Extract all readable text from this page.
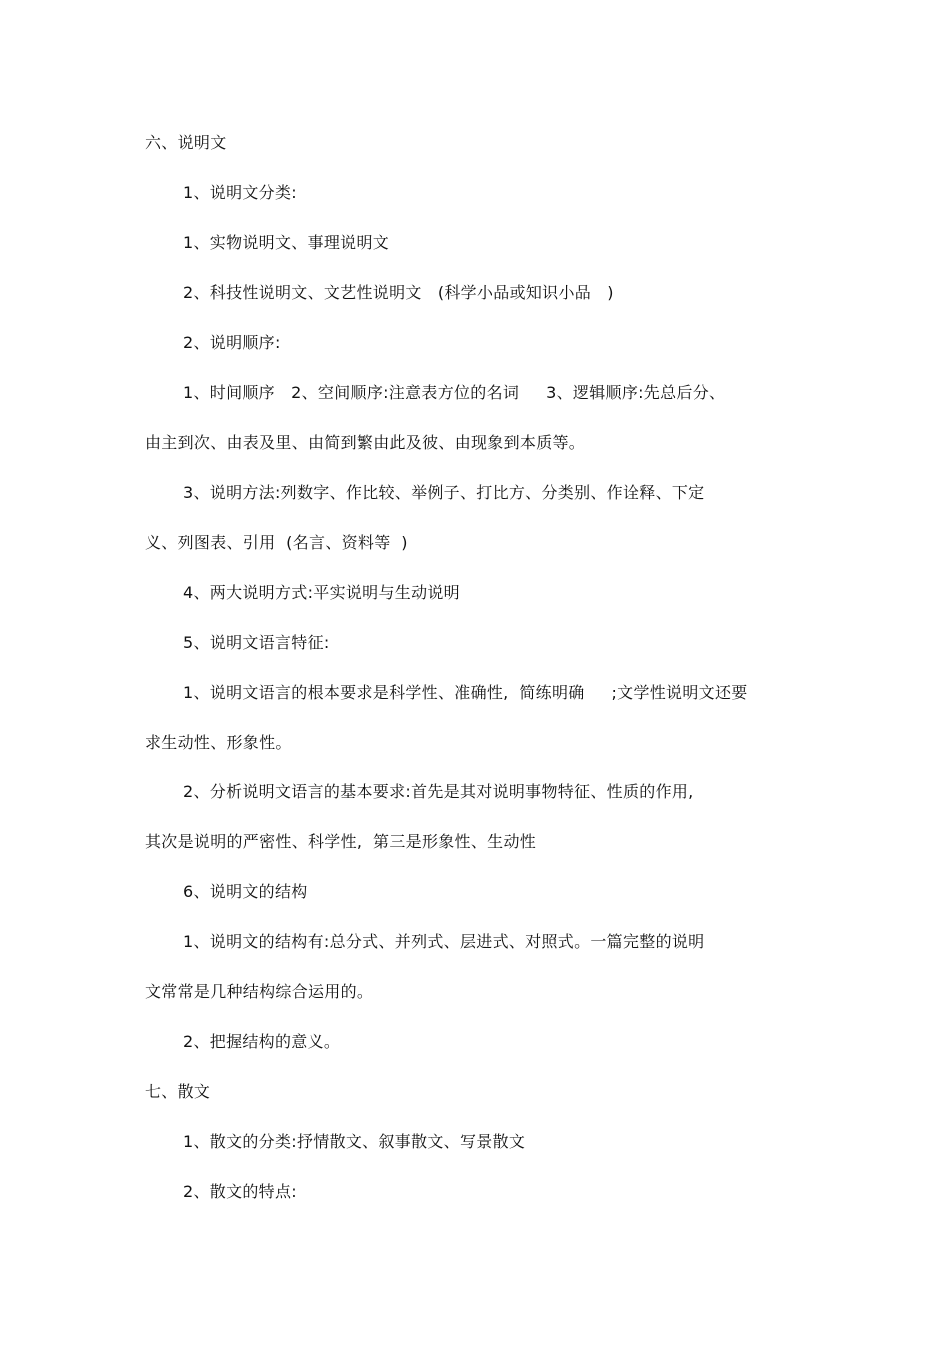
六、说明文
1、说明文分类:
1、实物说明文、事理说明文
2、科技性说明文、文艺性说明文   (科学小品或知识小品   )
2、说明顺序:
1、时间顺序   2、空间顺序:注意表方位的名词     3、逻辑顺序:先总后分、
由主到次、由表及里、由简到繁由此及彼、由现象到本质等。
3、说明方法:列数字、作比较、举例子、打比方、分类别、作诠释、下定
义、列图表、引用  (名言、资料等  )
4、两大说明方式:平实说明与生动说明
5、说明文语言特征:
1、说明文语言的根本要求是科学性、准确性,  简练明确     ;文学性说明文还要
求生动性、形象性。
2、分析说明文语言的基本要求:首先是其对说明事物特征、性质的作用,
其次是说明的严密性、科学性,  第三是形象性、生动性
6、说明文的结构
1、说明文的结构有:总分式、并列式、层进式、对照式。一篇完整的说明
文常常是几种结构综合运用的。
2、把握结构的意义。
七、散文
1、散文的分类:抒情散文、叙事散文、写景散文
2、散文的特点:
